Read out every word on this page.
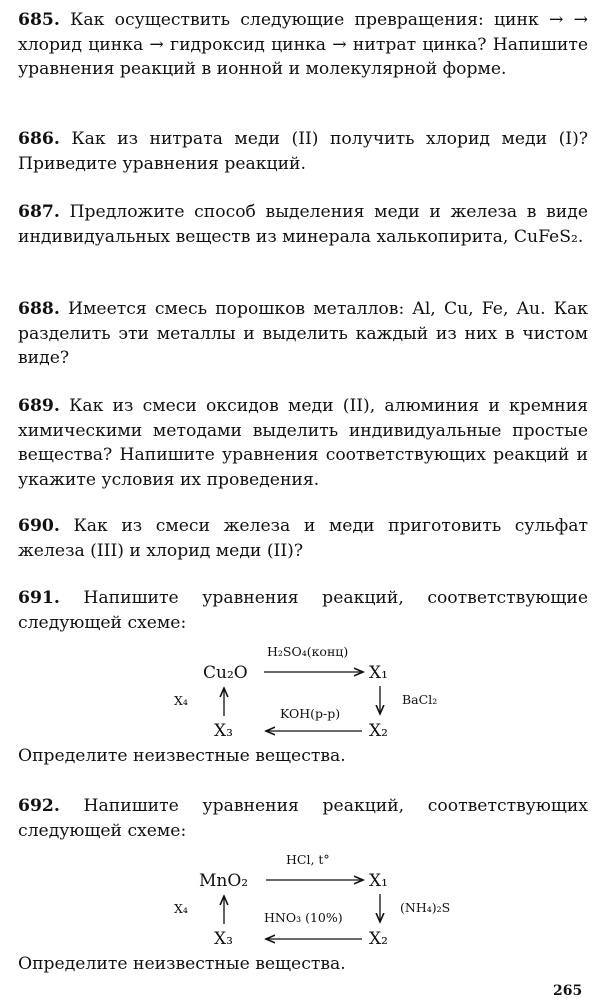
685. Как осуществить следующие превращения: цинк → → хлорид цинка → гидроксид цинка → нитрат цинка? Напишите уравнения реакций в ионной и молекулярной форме.

686. Как из нитрата меди (II) получить хлорид меди (I)? Приведите уравнения реакций.

687. Предложите способ выделения меди и железа в виде индивидуальных веществ из минерала халькопирита, CuFeS₂.

688. Имеется смесь порошков металлов: Al, Cu, Fe, Au. Как разделить эти металлы и выделить каждый из них в чистом виде?

689. Как из смеси оксидов меди (II), алюминия и кремния химическими методами выделить индивидуальные простые вещества? Напишите уравнения соответствующих реакций и укажите условия их проведения.

690. Как из смеси железа и меди приготовить сульфат железа (III) и хлорид меди (II)?

691. Напишите уравнения реакций, соответствующие следующей схеме:

Cu₂O
H₂SO₄(конц)
X₁
BaCl₂
X₂
KOH(р-р)
X₃
X₄
Определите неизвестные вещества.

692. Напишите уравнения реакций, соответствующих следующей схеме:

MnO₂
HCl, t°
X₁
(NH₄)₂S
X₂
HNO₃ (10%)
X₃
X₄
Определите неизвестные вещества.
265
